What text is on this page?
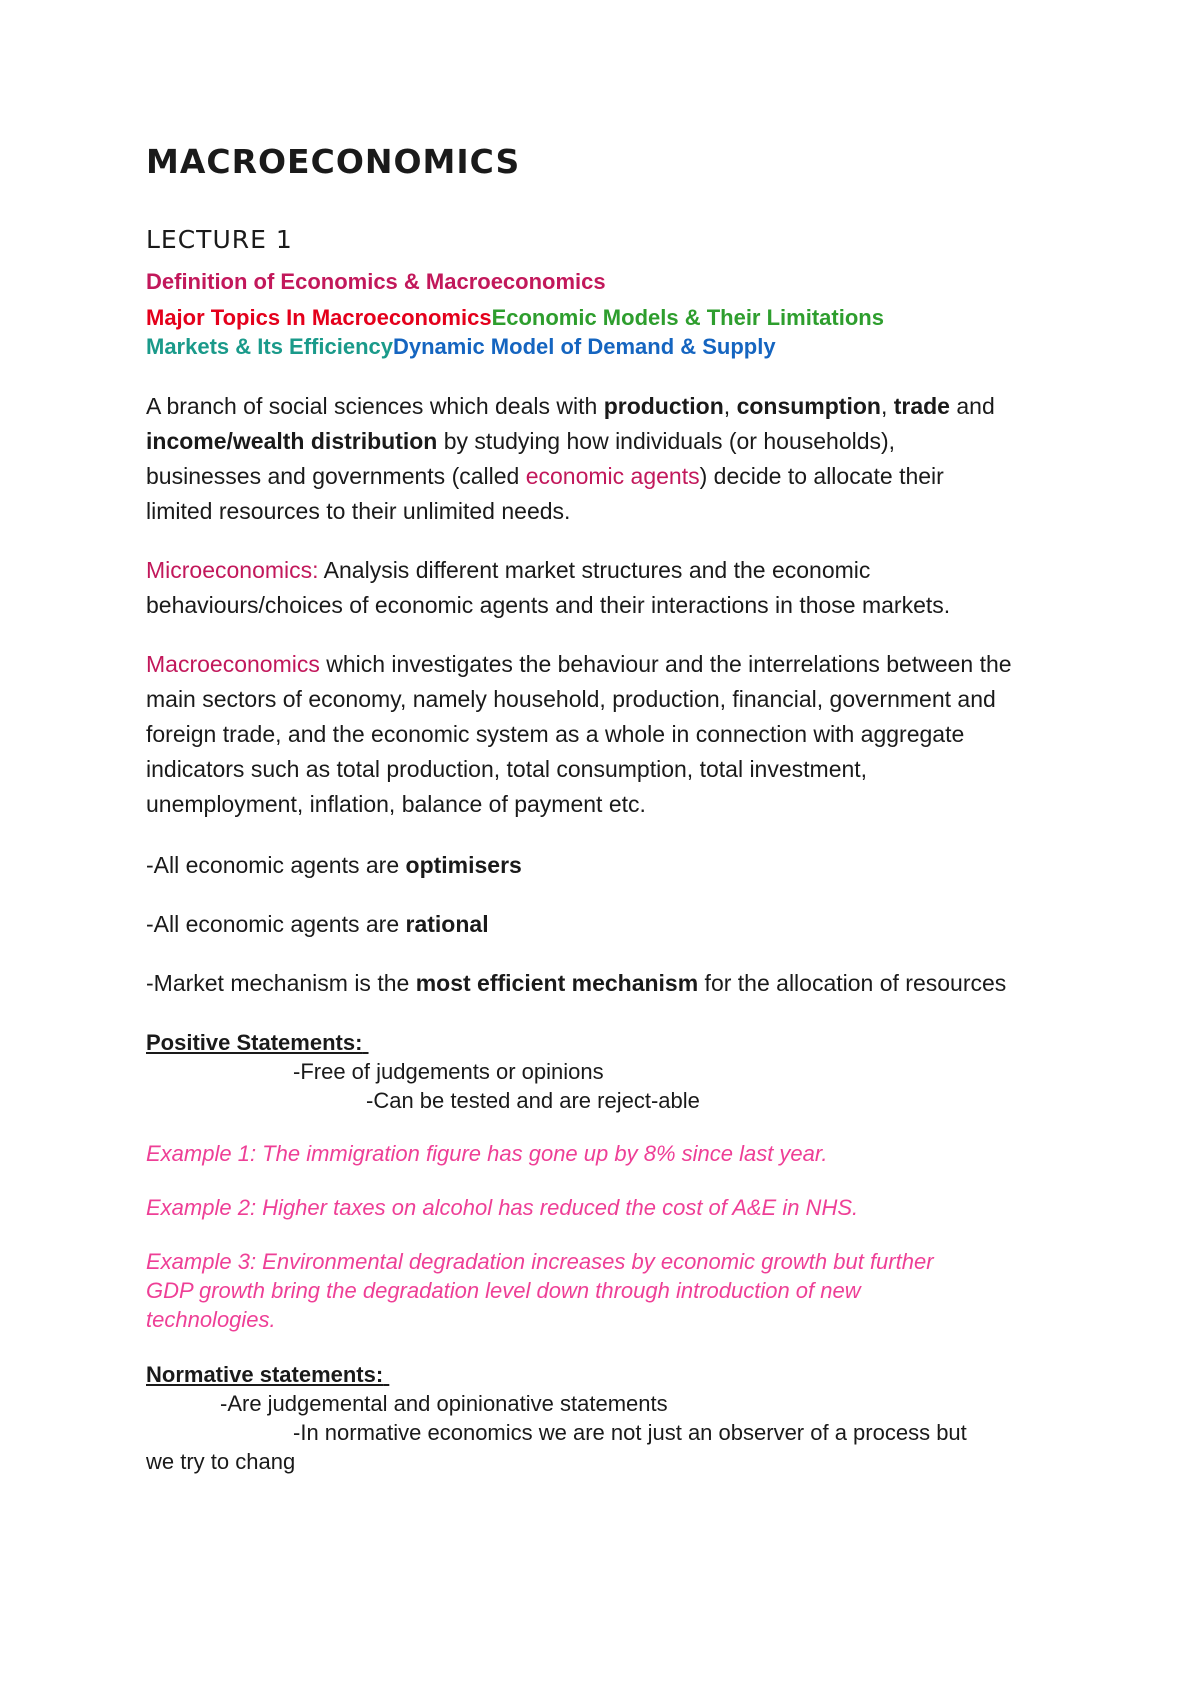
MACROECONOMICS
LECTURE 1
Definition of Economics & Macroeconomics
Major Topics In MacroeconomicsEconomic Models & Their Limitations
Markets & Its EfficiencyDynamic Model of Demand & Supply
A branch of social sciences which deals with production, consumption, trade and
income/wealth distribution by studying how individuals (or households),
businesses and governments (called economic agents) decide to allocate their
limited resources to their unlimited needs.
Microeconomics: Analysis different market structures and the economic
behaviours/choices of economic agents and their interactions in those markets.
Macroeconomics which investigates the behaviour and the interrelations between the
main sectors of economy, namely household, production, financial, government and
foreign trade, and the economic system as a whole in connection with aggregate
indicators such as total production, total consumption, total investment,
unemployment, inflation, balance of payment etc.
-All economic agents are optimisers
-All economic agents are rational
-Market mechanism is the most efficient mechanism for the allocation of resources
Positive Statements:
-Free of judgements or opinions
-Can be tested and are reject-able
Example 1: The immigration figure has gone up by 8% since last year.
Example 2: Higher taxes on alcohol has reduced the cost of A&E in NHS.
Example 3: Environmental degradation increases by economic growth but further
GDP growth bring the degradation level down through introduction of new
technologies.
Normative statements:
-Are judgemental and opinionative statements
-In normative economics we are not just an observer of a process but
we try to chang
